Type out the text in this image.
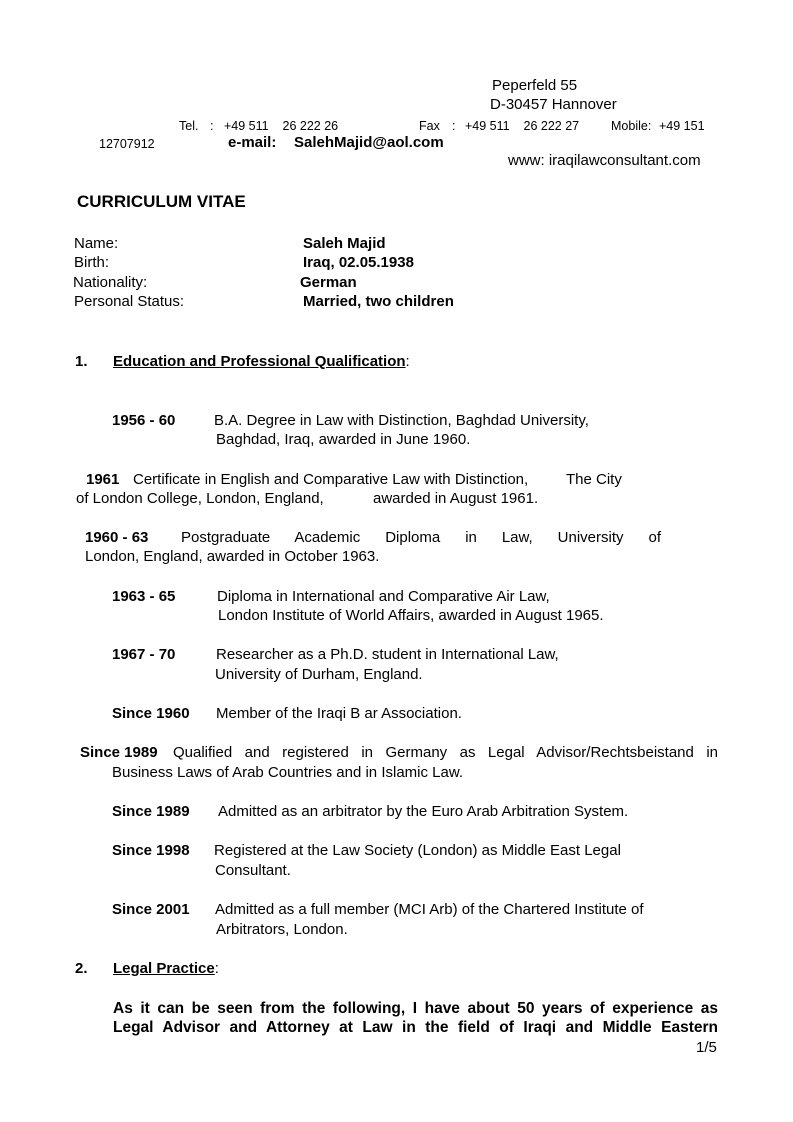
Peperfeld 55
D-30457 Hannover
Tel. : +49 511    26 222 26	Fax : +49 511    26 222 27	Mobile: +49 151
12707912	e-mail: SalehMajid@aol.com
www: iraqilawconsultant.com
CURRICULUM VITAE
Name:	Saleh Majid
Birth:	Iraq, 02.05.1938
Nationality:	German
Personal Status:	Married, two children
1. Education and Professional Qualification:
1956 - 60	B.A. Degree in Law with Distinction, Baghdad University,
Baghdad, Iraq, awarded in June 1960.
1961 Certificate in English and Comparative Law with Distinction,	The City
of London College, London, England,	awarded in August 1961.
1960 - 63 Postgraduate Academic Diploma in Law, University of
London, England, awarded in October 1963.
1963 - 65	Diploma in International and Comparative Air Law,
London Institute of World Affairs, awarded in August 1965.
1967 - 70	Researcher as a Ph.D. student in International Law,
University of Durham, England.
Since 1960 Member of the Iraqi B ar Association.
Since 1989 Qualified and registered in Germany as Legal Advisor/Rechtsbeistand in
Business Laws of Arab Countries and in Islamic Law.
Since 1989 Admitted as an arbitrator by the Euro Arab Arbitration System.
Since 1998 Registered at the Law Society (London) as Middle East Legal
Consultant.
Since 2001 Admitted as a full member (MCI Arb) of the Chartered Institute of
Arbitrators, London.
2. Legal Practice:
As it can be seen from the following, I have about 50 years of experience as
Legal Advisor and Attorney at Law in the field of Iraqi and Middle Eastern
1/5
